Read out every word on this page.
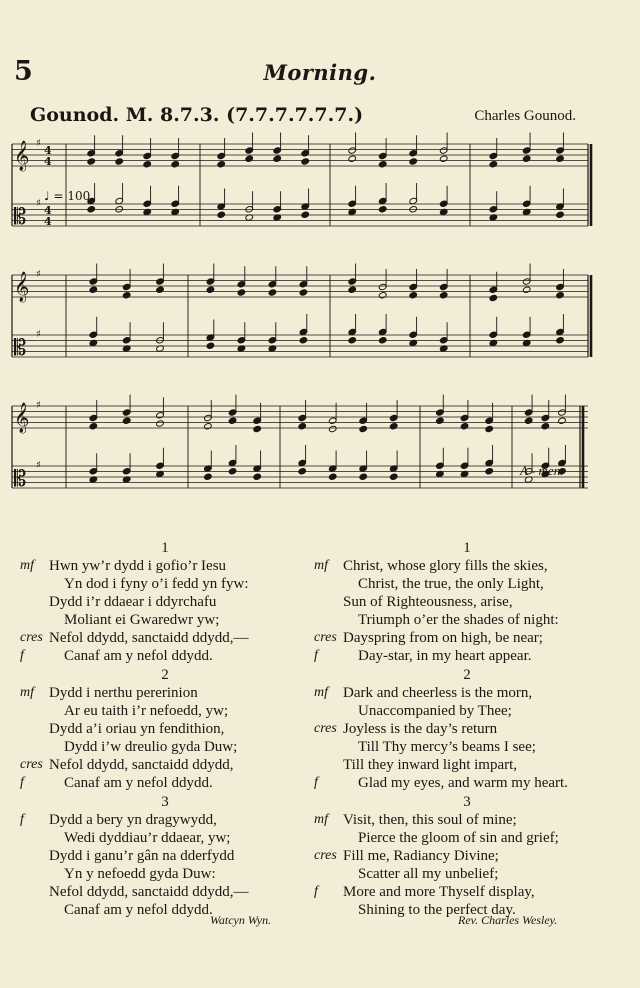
5	Morning.
Gounod. M. 8.7.3. (7.7.7.7.7.7.)	Charles Gounod.
𝄞 ♯
4
4
𝄡
♯
4
4
𝄞 ♯
𝄡
♯
𝄞 ♯
𝄡
♯
♩ = 100
A - men.
1
mf	Hwn yw’r dydd i gofio’r Iesu
Yn dod i fyny o’i fedd yn fyw:
Dydd i’r ddaear i ddyrchafu
Moliant ei Gwaredwr yw;
cres Nefol ddydd, sanctaidd ddydd,—
f	Canaf am y nefol ddydd.
2
mf	Dydd i nerthu pererinion
Ar eu taith i’r nefoedd, yw;
Dydd a’i oriau yn fendithion,
Dydd i’w dreulio gyda Duw;
cres Nefol ddydd, sanctaidd ddydd,
f	Canaf am y nefol ddydd.
3
f	Dydd a bery yn dragywydd,
Wedi dyddiau’r ddaear, yw;
Dydd i ganu’r gân na dderfydd
Yn y nefoedd gyda Duw:
Nefol ddydd, sanctaidd ddydd,—
Canaf am y nefol ddydd.
1
mf	Christ, whose glory fills the skies,
Christ, the true, the only Light,
Sun of Righteousness, arise,
Triumph o’er the shades of night:
cres Dayspring from on high, be near;
f	Day-star, in my heart appear.
2
mf	Dark and cheerless is the morn,
Unaccompanied by Thee;
cres Joyless is the day’s return
Till Thy mercy’s beams I see;
Till they inward light impart,
f	Glad my eyes, and warm my heart.
3
mf	Visit, then, this soul of mine;
Pierce the gloom of sin and grief;
cres Fill me, Radiancy Divine;
Scatter all my unbelief;
f	More and more Thyself display,
Shining to the perfect day.
Watcyn Wyn.	Rev. Charles Wesley.
